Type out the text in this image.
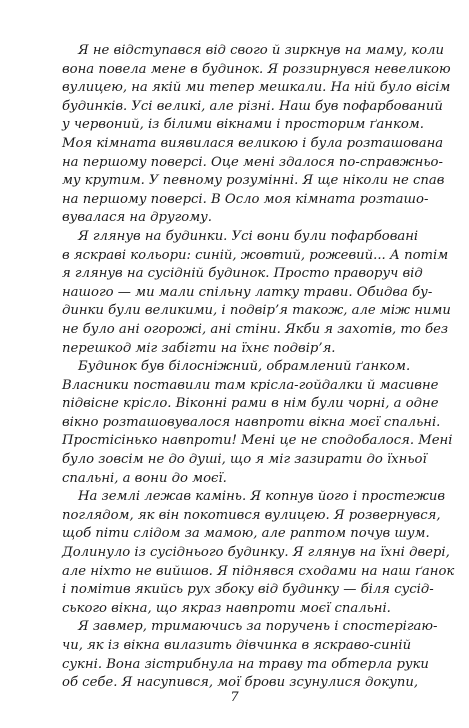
Я не відступався від свого й зиркнув на маму, коли
вона повела мене в будинок. Я роззирнувся невеликою
вулицею, на якій ми тепер мешкали. На ній було вісім
будинків. Усі великі, але різні. Наш був пофарбований
у червоний, із білими вікнами і просторим ґанком.
Моя кімната виявилася великою і була розташована
на першому поверсі. Оце мені здалося по-справжньо-
му крутим. У певному розумінні. Я ще ніколи не спав
на першому поверсі. В Осло моя кімната розташо-
вувалася на другому.
Я глянув на будинки. Усі вони були пофарбовані
в яскраві кольори: синій, жовтий, рожевий... А потім
я глянув на сусідній будинок. Просто праворуч від
нашого — ми мали спільну латку трави. Обидва бу-
динки були великими, і подвір’я також, але між ними
не було ані огорожі, ані стіни. Якби я захотів, то без
перешкод міг забігти на їхнє подвір’я.
Будинок був білосніжний, обрамлений ґанком.
Власники поставили там крісла-гойдалки й масивне
підвісне крісло. Віконні рами в нім були чорні, а одне
вікно розташовувалося навпроти вікна моєї спальні.
Простісінько навпроти! Мені це не сподобалося. Мені
було зовсім не до душі, що я міг зазирати до їхньої
спальні, а вони до моєї.
На землі лежав камінь. Я копнув його і простежив
поглядом, як він покотився вулицею. Я розвернувся,
щоб піти слідом за мамою, але раптом почув шум.
Долинуло із сусіднього будинку. Я глянув на їхні двері,
але ніхто не вийшов. Я піднявся сходами на наш ґанок
і помітив якийсь рух збоку від будинку — біля сусід-
ського вікна, що якраз навпроти моєї спальні.
Я завмер, тримаючись за поручень і спостерігаю-
чи, як із вікна вилазить дівчинка в яскраво-синій
сукні. Вона зістрибнула на траву та обтерла руки
об себе. Я насупився, мої брови зсунулися докупи,
7
